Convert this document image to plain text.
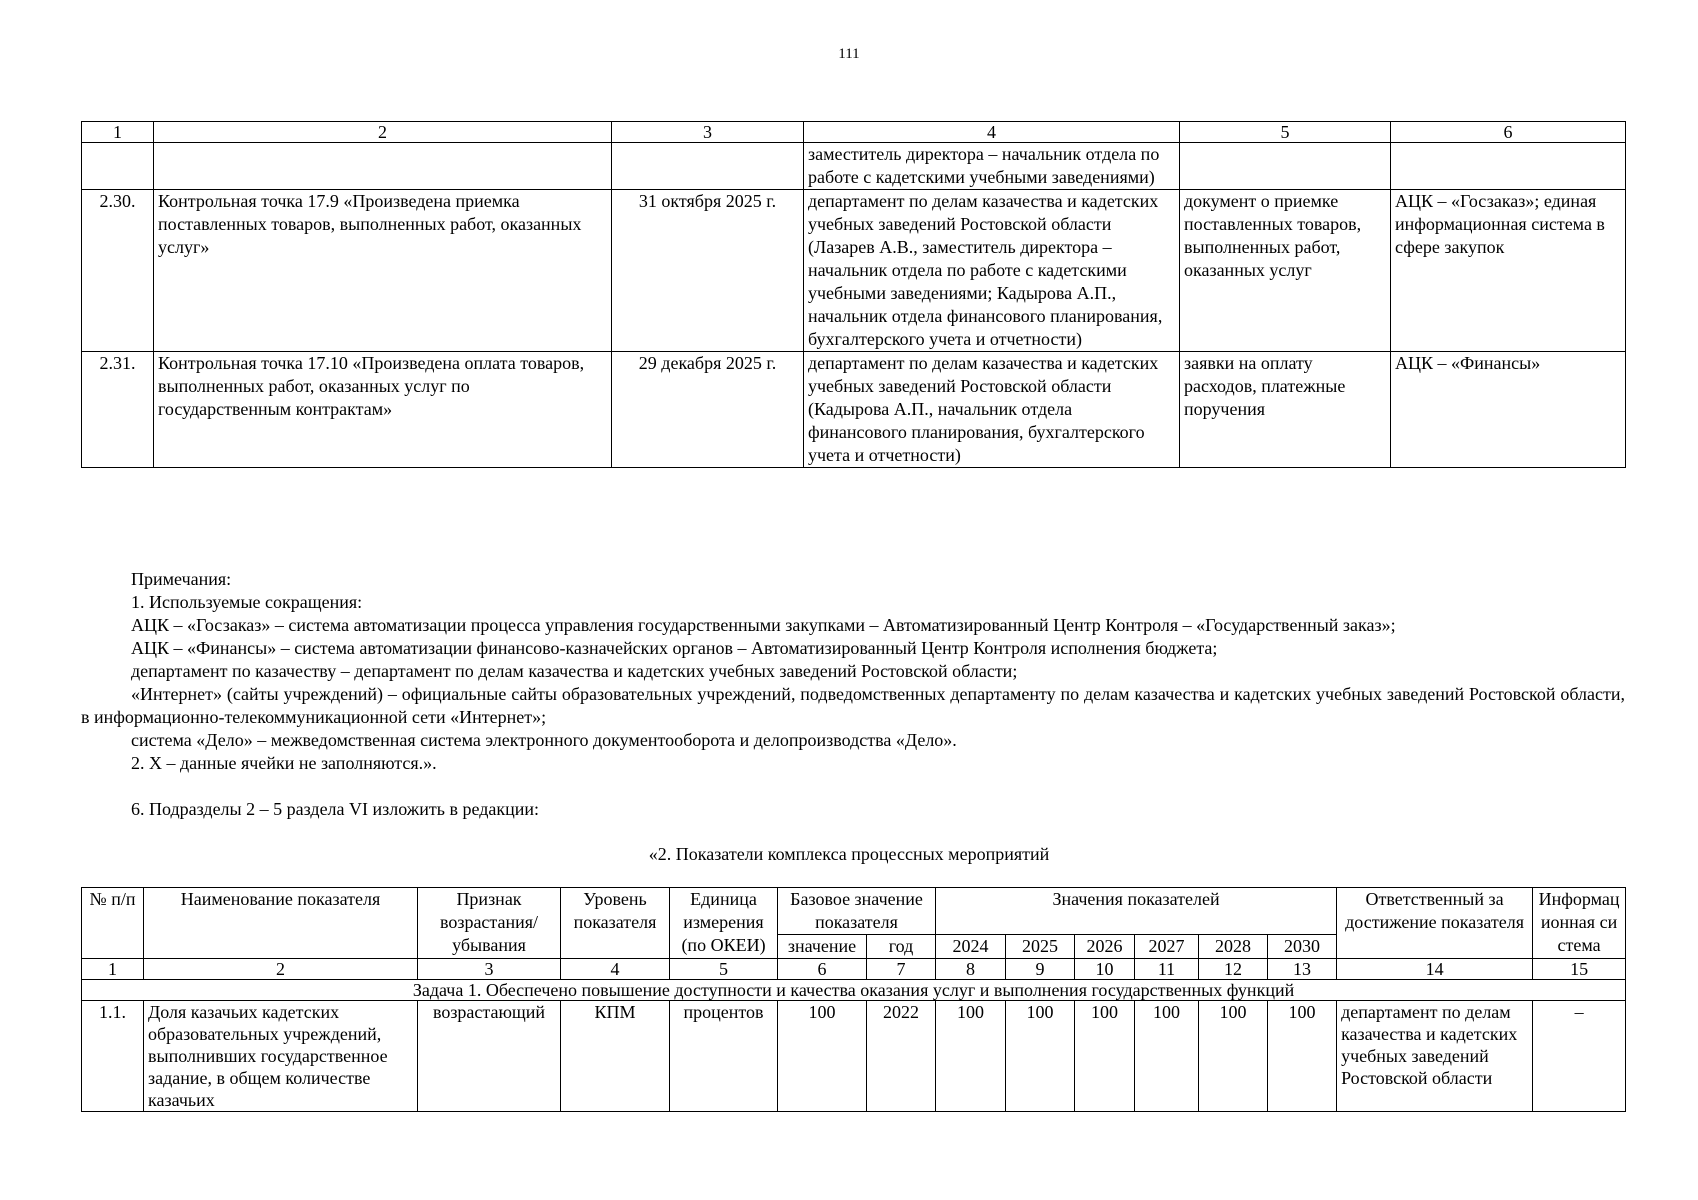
111
1	2	3	4	5	6
			заместитель директора – начальник отдела по работе с кадетскими учебными заведениями)		
2.30.	Контрольная точка 17.9 «Произведена приемка поставленных товаров, выполненных работ, оказанных услуг»	31 октября 2025 г.	департамент по делам казачества и кадетских учебных заведений Ростовской области (Лазарев А.В., заместитель директора – начальник отдела по работе с кадетскими учебными заведениями; Кадырова А.П., начальник отдела финансового планирования, бухгалтерского учета и отчетности)	документ о приемке поставленных товаров, выполненных работ, оказанных услуг	АЦК – «Госзаказ»; единая информационная система в сфере закупок
2.31.	Контрольная точка 17.10 «Произведена оплата товаров, выполненных работ, оказанных услуг по государственным контрактам»	29 декабря 2025 г.	департамент по делам казачества и кадетских учебных заведений Ростовской области (Кадырова А.П., начальник отдела финансового планирования, бухгалтерского учета и отчетности)	заявки на оплату расходов, платежные поручения	АЦК – «Финансы»

Примечания:

1. Используемые сокращения:

АЦК – «Госзаказ» – система автоматизации процесса управления государственными закупками – Автоматизированный Центр Контроля – «Государственный заказ»;

АЦК – «Финансы» – система автоматизации финансово-казначейских органов – Автоматизированный Центр Контроля исполнения бюджета;

департамент по казачеству – департамент по делам казачества и кадетских учебных заведений Ростовской области;

«Интернет» (сайты учреждений) – официальные сайты образовательных учреждений, подведомственных департаменту по делам казачества и кадетских учебных заведений Ростовской области, в информационно-телекоммуникационной сети «Интернет»;

система «Дело» – межведомственная система электронного документооборота и делопроизводства «Дело».

2. Х – данные ячейки не заполняются.».

6. Подразделы 2 – 5 раздела VI изложить в редакции:

«2. Показатели комплекса процессных мероприятий
№ п/п	Наименование показателя	Признак возрастания/ убывания	Уровень показателя	Единица измерения (по ОКЕИ)	Базовое значение показателя		Значения показателей						Ответственный за достижение показателя	Информационная система
					значение	год	2024	2025	2026	2027	2028	2030		
1	2	3	4	5	6	7	8	9	10	11	12	13	14	15
Задача 1. Обеспечено повышение доступности и качества оказания услуг и выполнения государственных функций														
1.1.	Доля казачьих кадетских образовательных учреждений, выполнивших государственное задание, в общем количестве казачьих	возрастающий	КПМ	процентов	100	2022	100	100	100	100	100	100	департамент по делам казачества и кадетских учебных заведений Ростовской области	–
